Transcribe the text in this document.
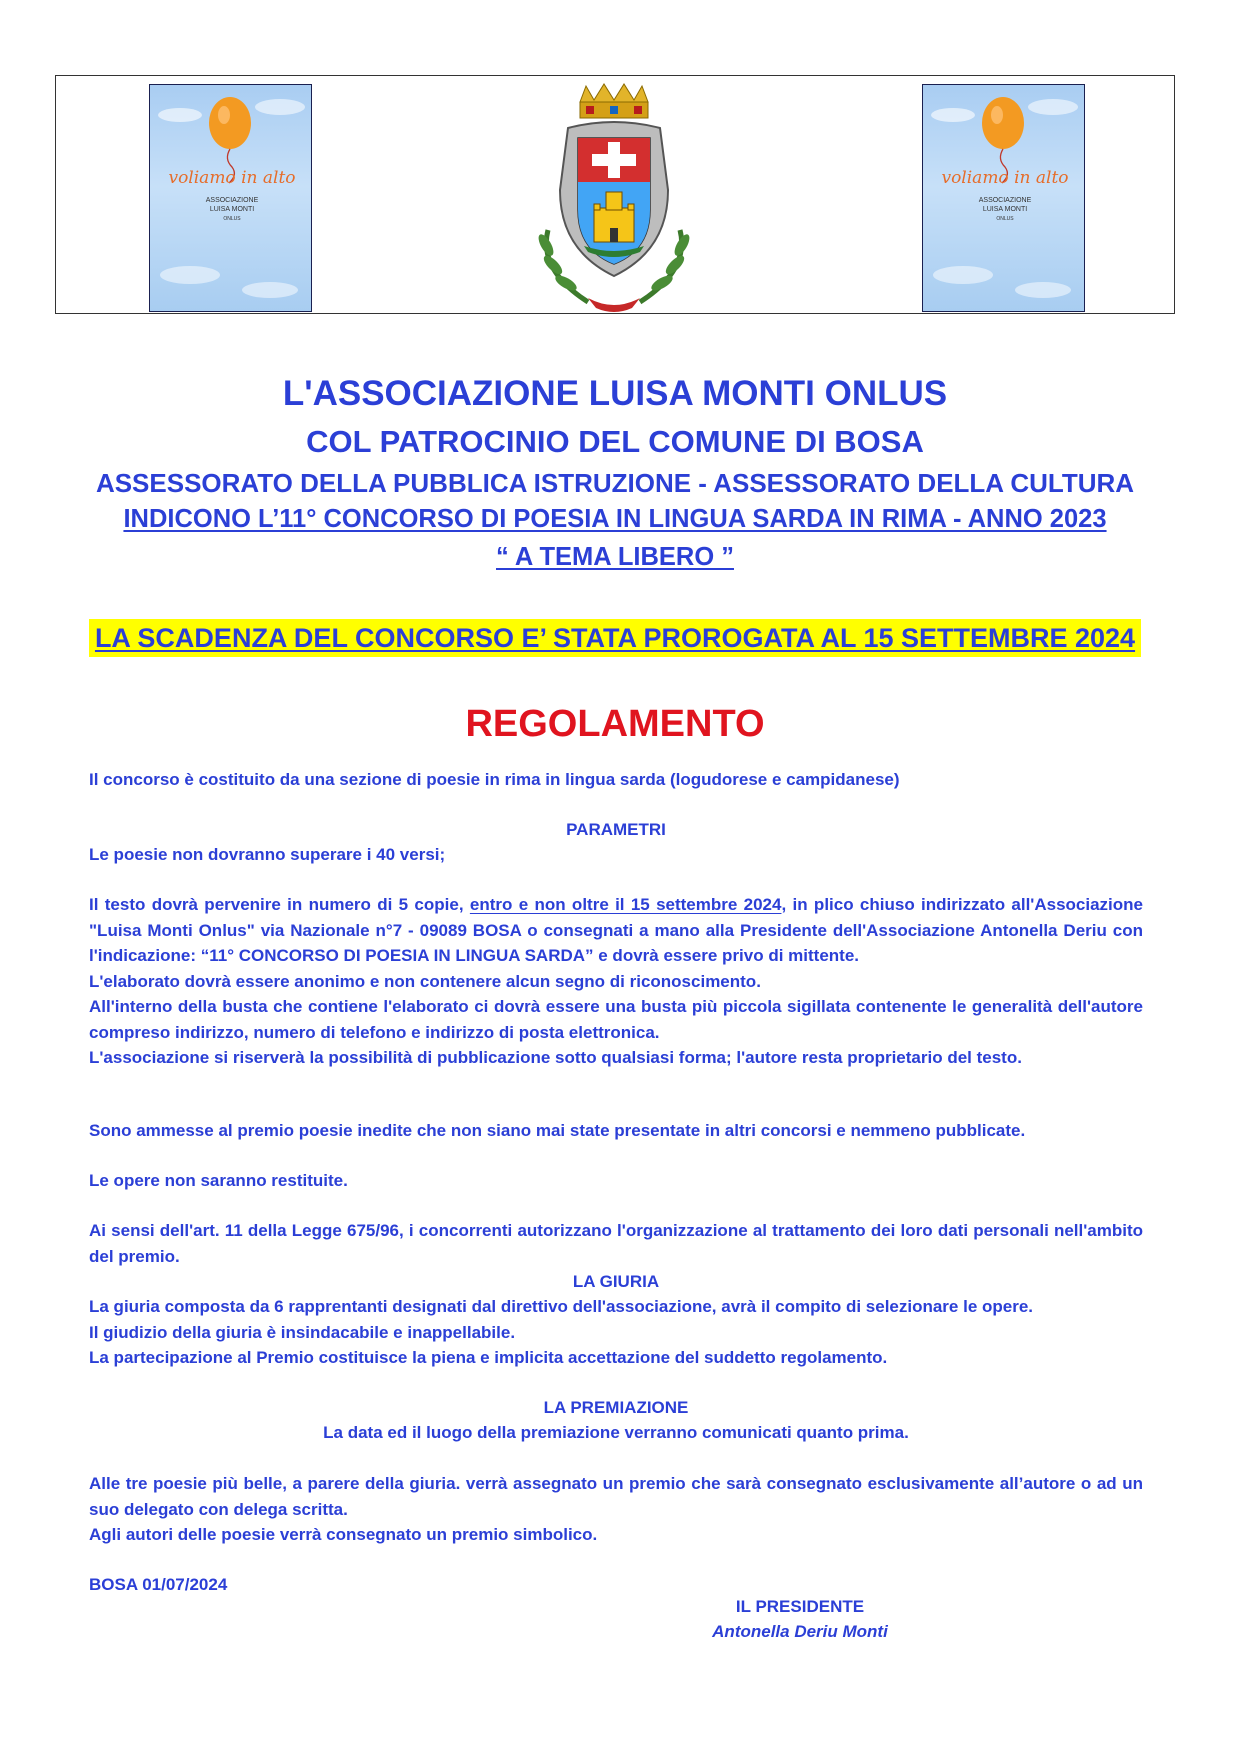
voliamo in alto
ASSOCIAZIONE
LUISA MONTI
ONLUS
voliamo in alto
ASSOCIAZIONE
LUISA MONTI
ONLUS
L'ASSOCIAZIONE LUISA MONTI ONLUS
COL PATROCINIO DEL COMUNE DI BOSA
ASSESSORATO DELLA PUBBLICA ISTRUZIONE - ASSESSORATO DELLA CULTURA
INDICONO L’11° CONCORSO DI POESIA IN LINGUA SARDA IN RIMA - ANNO 2023
“ A TEMA LIBERO ”
LA SCADENZA DEL CONCORSO E’ STATA PROROGATA AL 15 SETTEMBRE 2024
REGOLAMENTO

Il concorso è costituito da una sezione di poesie in rima in lingua sarda (logudorese e campidanese)

PARAMETRI
Le poesie non dovranno superare i 40 versi;

Il testo dovrà pervenire in numero di 5 copie, entro e non oltre il 15 settembre 2024, in plico chiuso indirizzato all'Associazione "Luisa Monti Onlus" via Nazionale n°7 - 09089 BOSA o consegnati a mano alla Presidente dell'Associazione Antonella Deriu con l'indicazione: “11° CONCORSO DI POESIA IN LINGUA SARDA” e dovrà essere privo di mittente.

L'elaborato dovrà essere anonimo e non contenere alcun segno di riconoscimento.

All'interno della busta che contiene l'elaborato ci dovrà essere una busta più piccola sigillata contenente le generalità dell'autore compreso indirizzo, numero di telefono e indirizzo di posta elettronica.

L'associazione si riserverà la possibilità di pubblicazione sotto qualsiasi forma; l'autore resta proprietario del testo.

Sono ammesse al premio poesie inedite che non siano mai state presentate in altri concorsi e nemmeno pubblicate.
Le opere non saranno restituite.
Ai sensi dell'art. 11 della Legge 675/96, i concorrenti autorizzano l'organizzazione al trattamento dei loro dati personali nell'ambito del premio.
LA GIURIA

La giuria composta da 6 rapprentanti designati dal direttivo dell'associazione, avrà il compito di selezionare le opere.

Il giudizio della giuria è insindacabile e inappellabile.

La partecipazione al Premio costituisce la piena e implicita accettazione del suddetto regolamento.

LA PREMIAZIONE
La data ed il luogo della premiazione verranno comunicati quanto prima.

Alle tre poesie più belle, a parere della giuria. verrà assegnato un premio che sarà consegnato esclusivamente all’autore o ad un suo delegato con delega scritta.

Agli autori delle poesie verrà consegnato un premio simbolico.

BOSA 01/07/2024
IL PRESIDENTE
Antonella Deriu Monti
